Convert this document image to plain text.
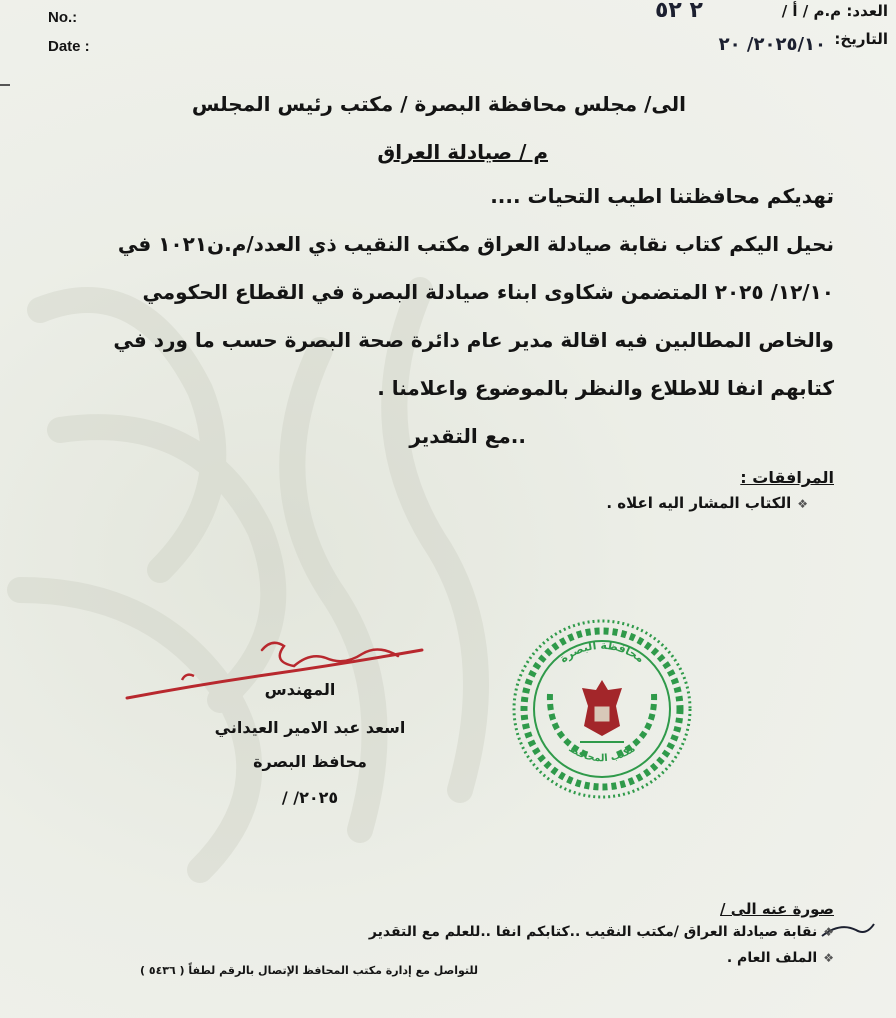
No.:
Date :
العدد: م.م / أ /
٢ ٥٢
التاريخ:
٢٠٢٥/١٠/ ٢٠
الى/ مجلس محافظة البصرة / مكتب رئيس المجلس
م / صيادلة العراق
تهديكم محافظتنا اطيب التحيات ....
نحيل اليكم كتاب نقابة صيادلة العراق مكتب النقيب ذي العدد/م.ن١٠٢١ في
١٢/١٠/ ٢٠٢٥ المتضمن شكاوى ابناء صيادلة البصرة في القطاع الحكومي
والخاص المطالبين فيه اقالة مدير عام دائرة صحة البصرة حسب ما ورد في
كتابهم انفا للاطلاع والنظر بالموضوع واعلامنا .
..مع التقدير
المرافقات :
❖الكتاب المشار اليه اعلاه .
المهندس
اسعد عبد الامير العيداني
محافظ البصرة
/ /٢٠٢٥
محافظة البصرة
مكتب المحافظ
صورة عنه الى /
❖نقابة صيادلة العراق /مكتب النقيب ..كتابكم انفا ..للعلم مع التقدير
❖الملف العام .
للتواصل مع إدارة مكتب المحافظ الإتصال بالرقم لطفاً ( ٥٤٣٦ )
